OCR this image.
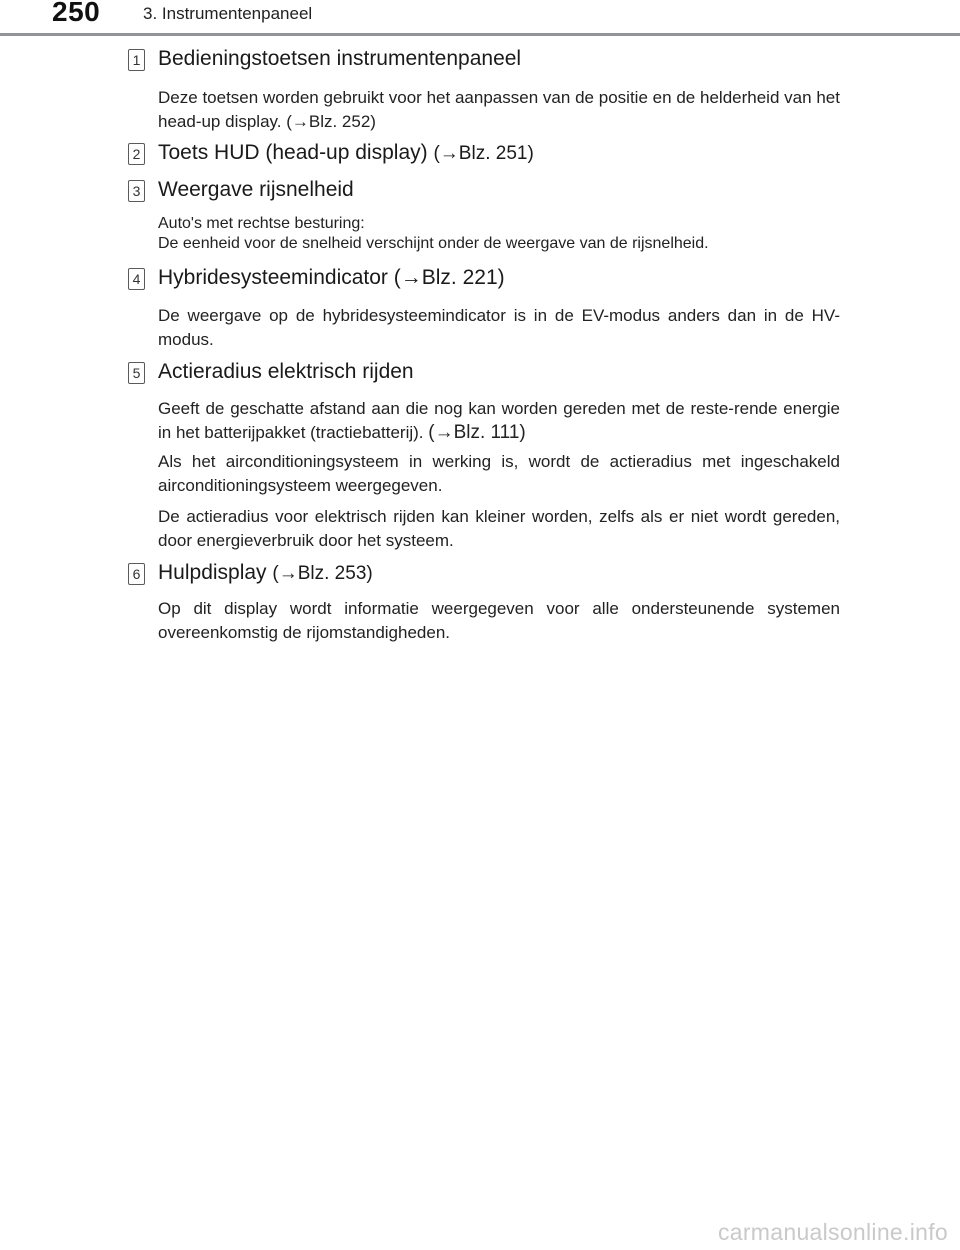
250	3. Instrumentenpaneel
1 Bedieningstoetsen instrumentenpaneel
Deze toetsen worden gebruikt voor het aanpassen van de positie en de helderheid van het head-up display. (→Blz. 252)
2 Toets HUD (head-up display) (→Blz. 251)
3 Weergave rijsnelheid
Auto's met rechtse besturing:
De eenheid voor de snelheid verschijnt onder de weergave van de rijsnelheid.
4 Hybridesysteemindicator (→Blz. 221)
De weergave op de hybridesysteemindicator is in de EV-modus anders dan in de HV-modus.
5 Actieradius elektrisch rijden
Geeft de geschatte afstand aan die nog kan worden gereden met de reste-rende energie in het batterijpakket (tractiebatterij). (→Blz. 111)
Als het airconditioningsysteem in werking is, wordt de actieradius met ingeschakeld airconditioningsysteem weergegeven.
De actieradius voor elektrisch rijden kan kleiner worden, zelfs als er niet wordt gereden, door energieverbruik door het systeem.
6 Hulpdisplay (→Blz. 253)
Op dit display wordt informatie weergegeven voor alle ondersteunende systemen overeenkomstig de rijomstandigheden.
carmanualsonline.info
